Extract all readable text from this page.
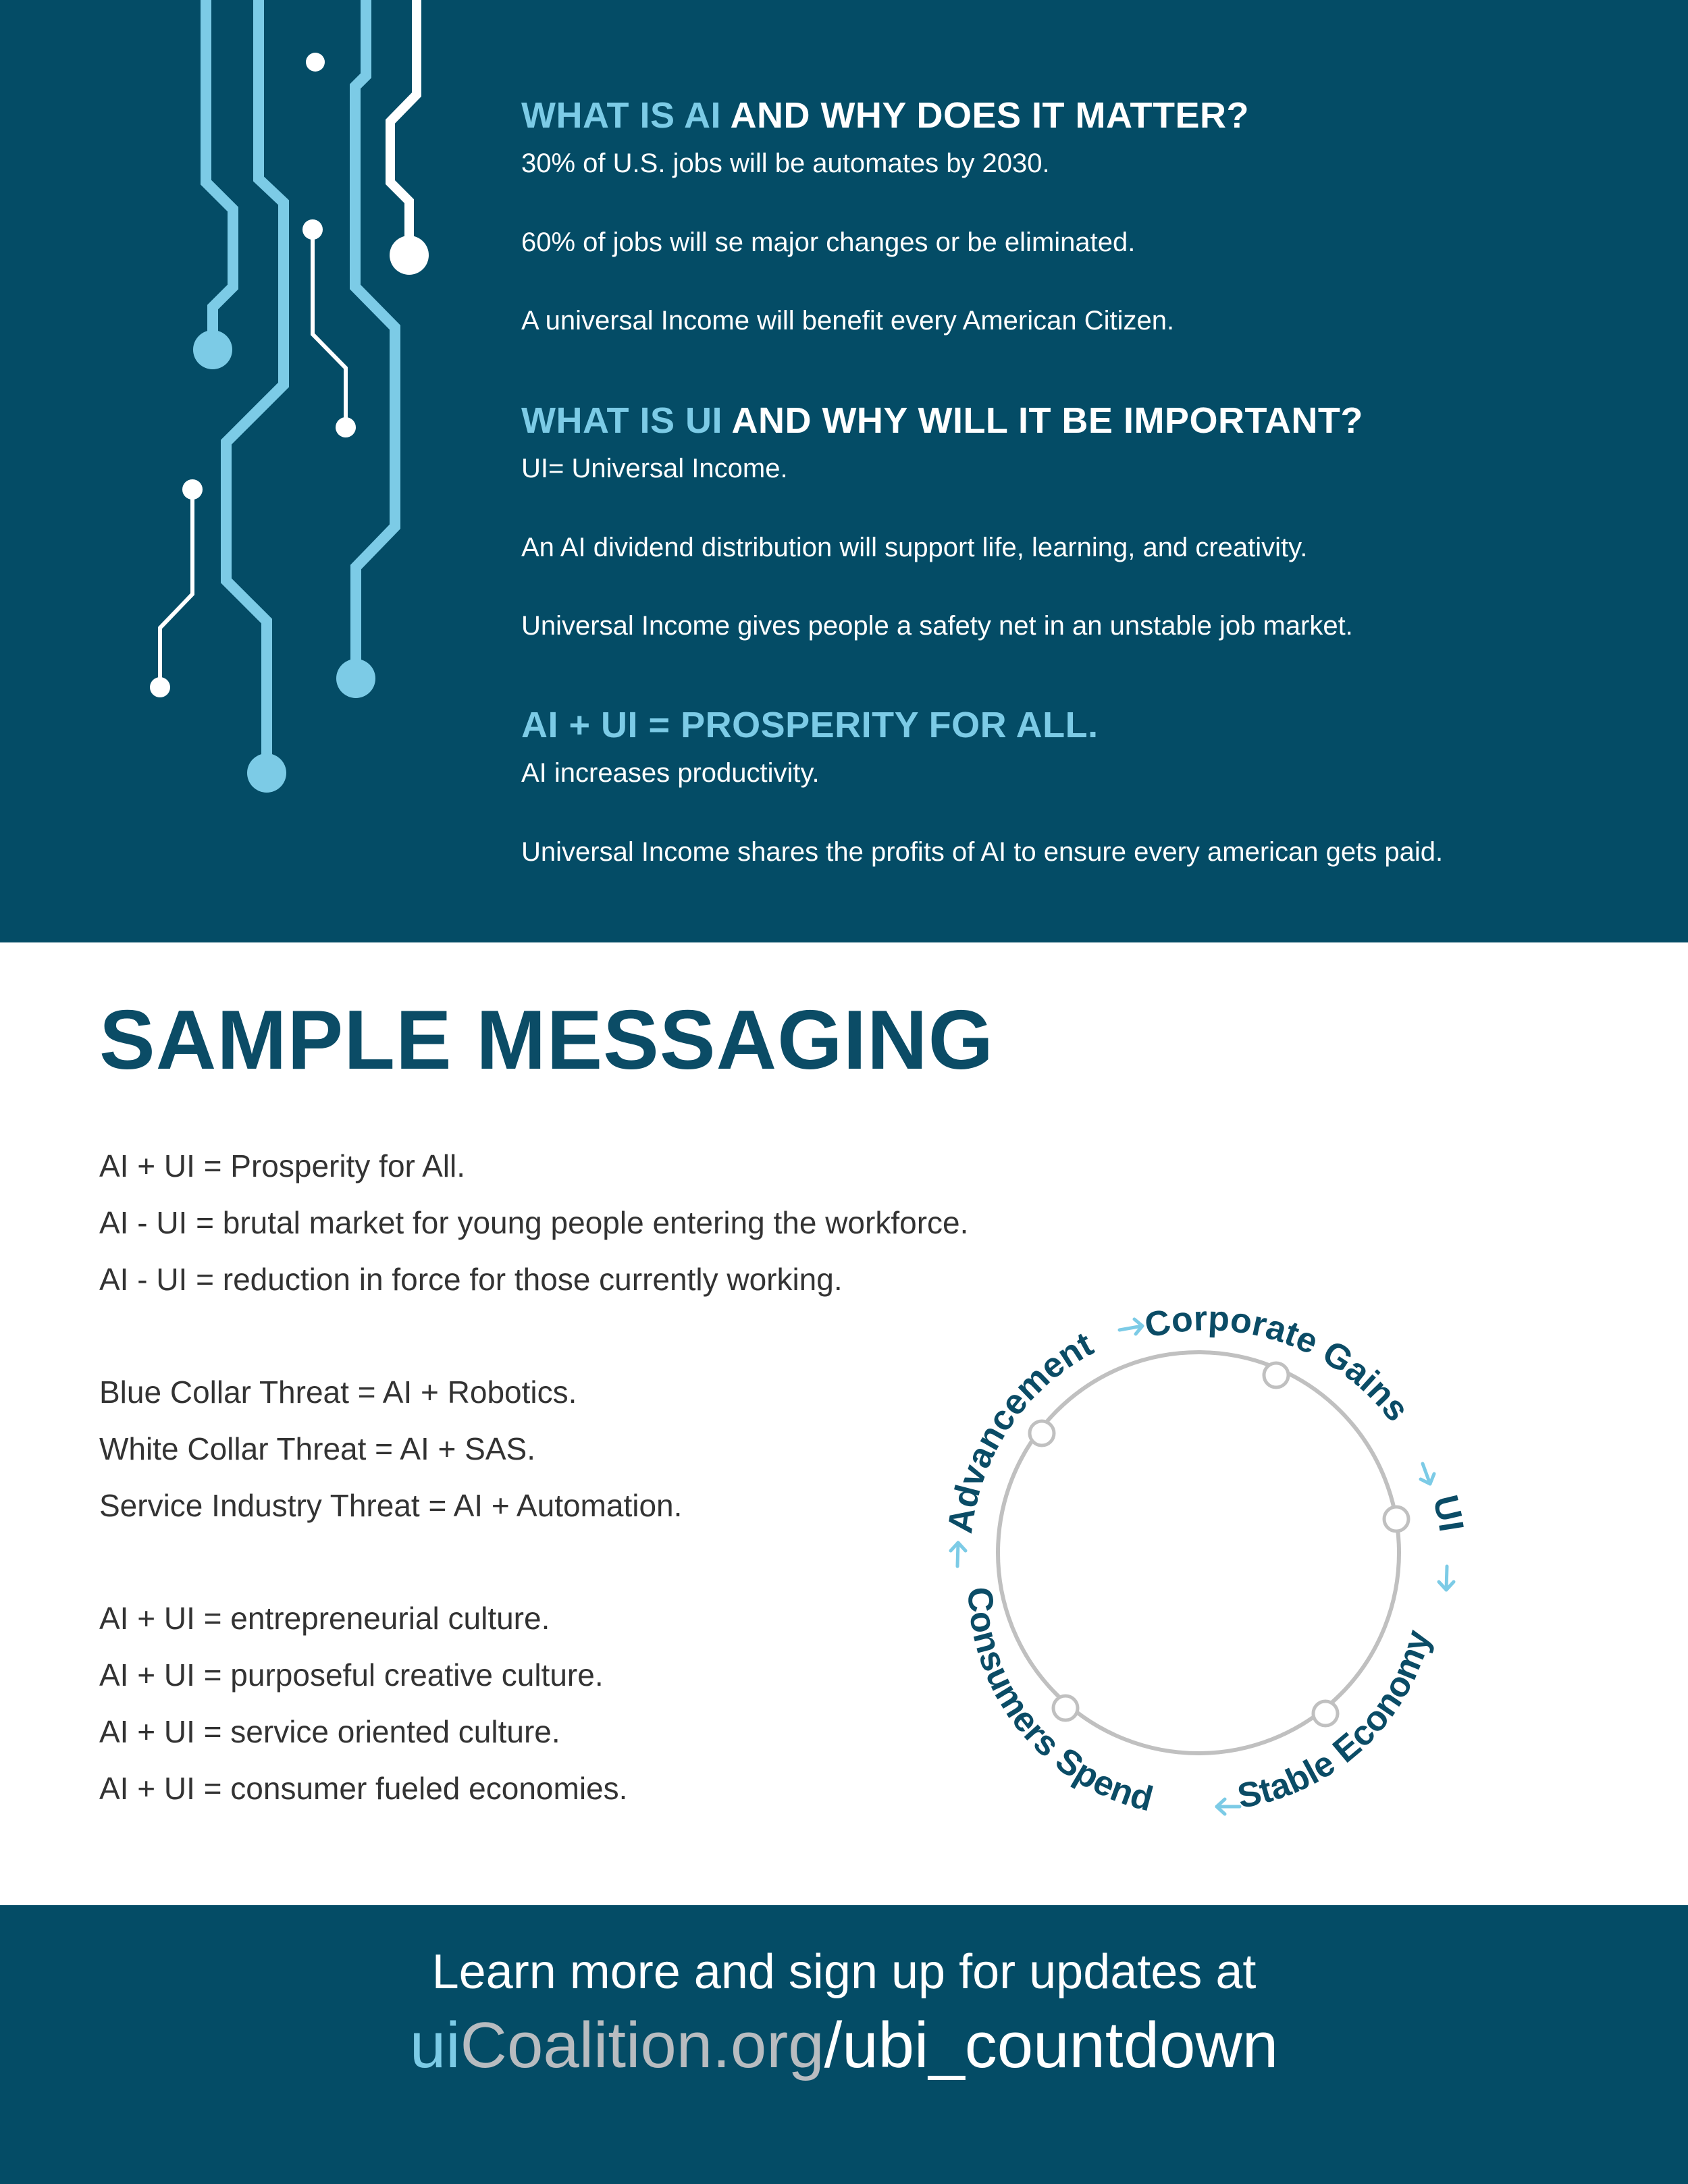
WHAT IS AI AND WHY DOES IT MATTER?

30% of U.S. jobs will be automates by 2030.

60% of jobs will se major changes or be eliminated.

A universal Income will benefit every American Citizen.

WHAT IS UI AND WHY WILL IT BE IMPORTANT?

UI= Universal Income.

An AI dividend distribution will support life, learning, and creativity.

Universal Income gives people a safety net in an unstable job market.

AI + UI = PROSPERITY FOR ALL.

AI increases productivity.

Universal Income shares the profits of AI to ensure every american gets paid.

SAMPLE MESSAGING

AI + UI = Prosperity for All.

AI - UI = brutal market for young people entering the workforce.

AI - UI = reduction in force for those currently working.

Blue Collar Threat = AI + Robotics.

White Collar Threat = AI + SAS.

Service Industry Threat = AI + Automation.

AI + UI = entrepreneurial culture.

AI + UI = purposeful creative culture.

AI + UI = service oriented culture.

AI + UI = consumer fueled economies.

Corporate Gains
UI
Stable Economy
Consumers Spend
Advancement

Learn more and sign up for updates at

uiCoalition.org/ubi_countdown
